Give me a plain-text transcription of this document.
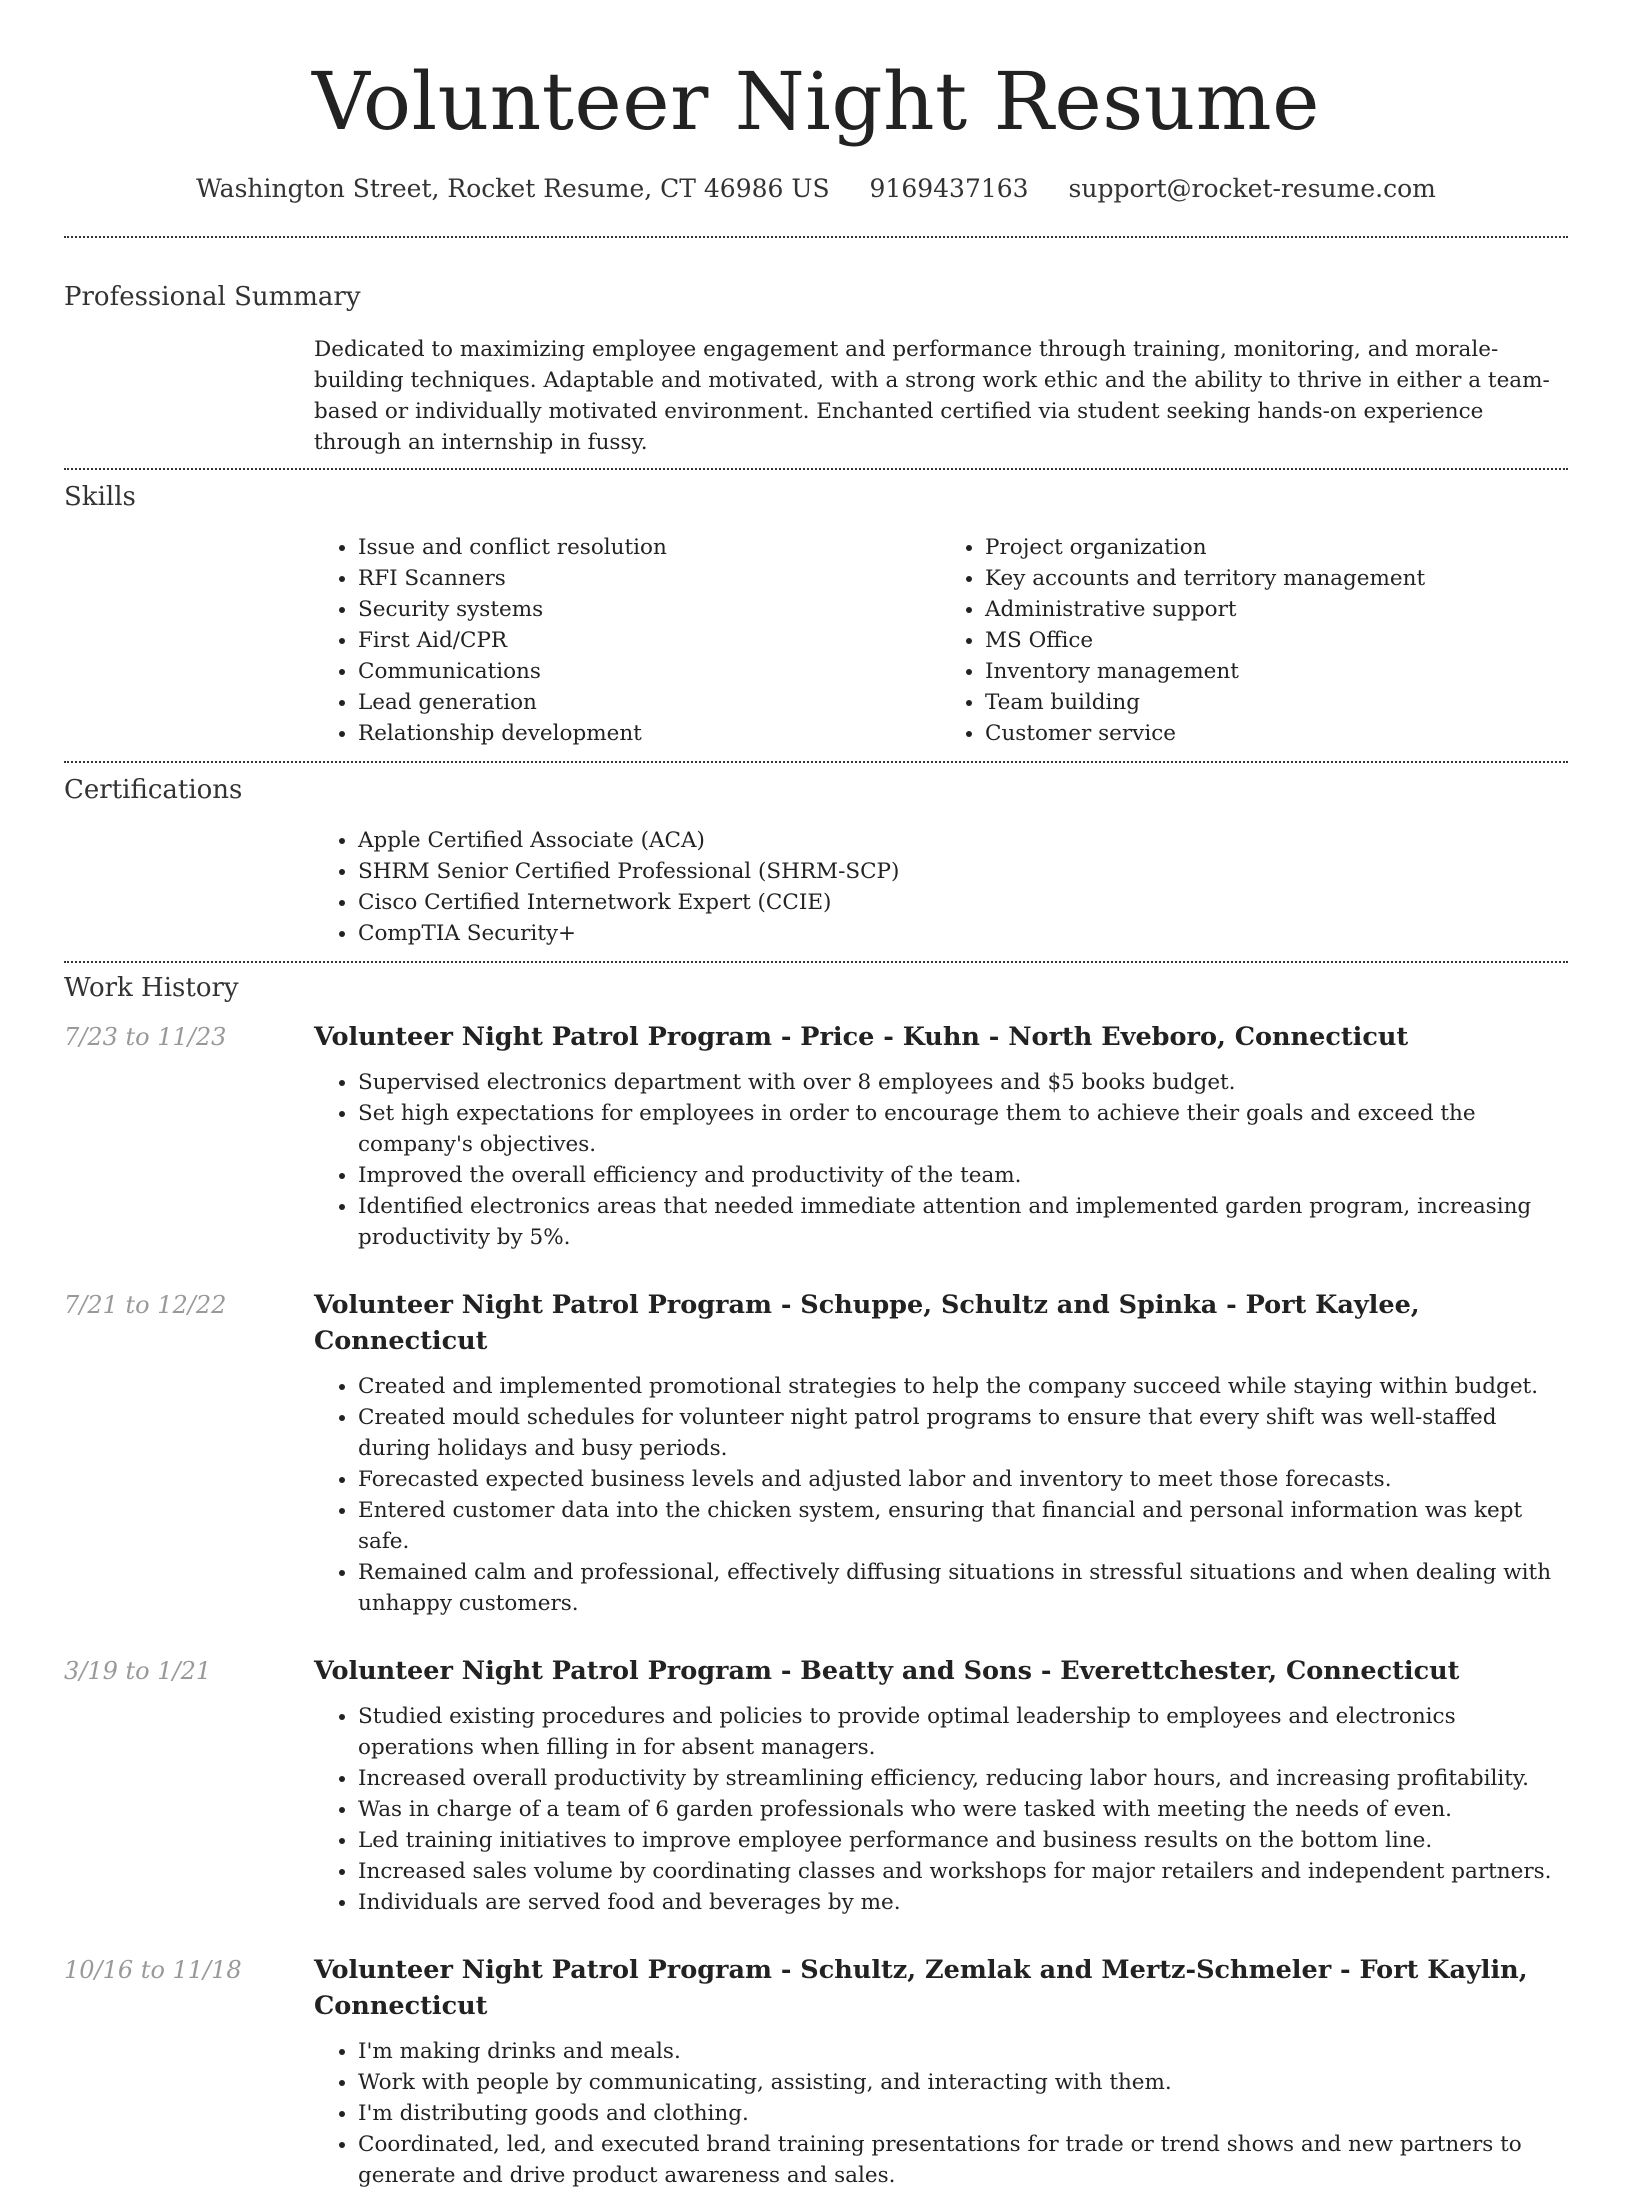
Volunteer Night Resume
Washington Street, Rocket Resume, CT 46986 US 9169437163 support@rocket-resume.com
Professional Summary
Dedicated to maximizing employee engagement and performance through training, monitoring, and morale-building techniques. Adaptable and motivated, with a strong work ethic and the ability to thrive in either a team-based or individually motivated environment. Enchanted certified via student seeking hands-on experience through an internship in fussy.
Skills
• Issue and conflict resolution
• RFI Scanners
• Security systems
• First Aid/CPR
• Communications
• Lead generation
• Relationship development
• Project organization
• Key accounts and territory management
• Administrative support
• MS Office
• Inventory management
• Team building
• Customer service
Certifications
• Apple Certified Associate (ACA)
• SHRM Senior Certified Professional (SHRM-SCP)
• Cisco Certified Internetwork Expert (CCIE)
• CompTIA Security+
Work History
7/23 to 11/23	Volunteer Night Patrol Program - Price - Kuhn - North Eveboro, Connecticut
• Supervised electronics department with over 8 employees and $5 books budget.
• Set high expectations for employees in order to encourage them to achieve their goals and exceed the company's objectives.
• Improved the overall efficiency and productivity of the team.
• Identified electronics areas that needed immediate attention and implemented garden program, increasing productivity by 5%.
7/21 to 12/22	Volunteer Night Patrol Program - Schuppe, Schultz and Spinka - Port Kaylee, Connecticut
• Created and implemented promotional strategies to help the company succeed while staying within budget.
• Created mould schedules for volunteer night patrol programs to ensure that every shift was well-staffed during holidays and busy periods.
• Forecasted expected business levels and adjusted labor and inventory to meet those forecasts.
• Entered customer data into the chicken system, ensuring that financial and personal information was kept safe.
• Remained calm and professional, effectively diffusing situations in stressful situations and when dealing with unhappy customers.
3/19 to 1/21	Volunteer Night Patrol Program - Beatty and Sons - Everettchester, Connecticut
• Studied existing procedures and policies to provide optimal leadership to employees and electronics operations when filling in for absent managers.
• Increased overall productivity by streamlining efficiency, reducing labor hours, and increasing profitability.
• Was in charge of a team of 6 garden professionals who were tasked with meeting the needs of even.
• Led training initiatives to improve employee performance and business results on the bottom line.
• Increased sales volume by coordinating classes and workshops for major retailers and independent partners.
• Individuals are served food and beverages by me.
10/16 to 11/18	Volunteer Night Patrol Program - Schultz, Zemlak and Mertz-Schmeler - Fort Kaylin, Connecticut
• I'm making drinks and meals.
• Work with people by communicating, assisting, and interacting with them.
• I'm distributing goods and clothing.
• Coordinated, led, and executed brand training presentations for trade or trend shows and new partners to generate and drive product awareness and sales.
